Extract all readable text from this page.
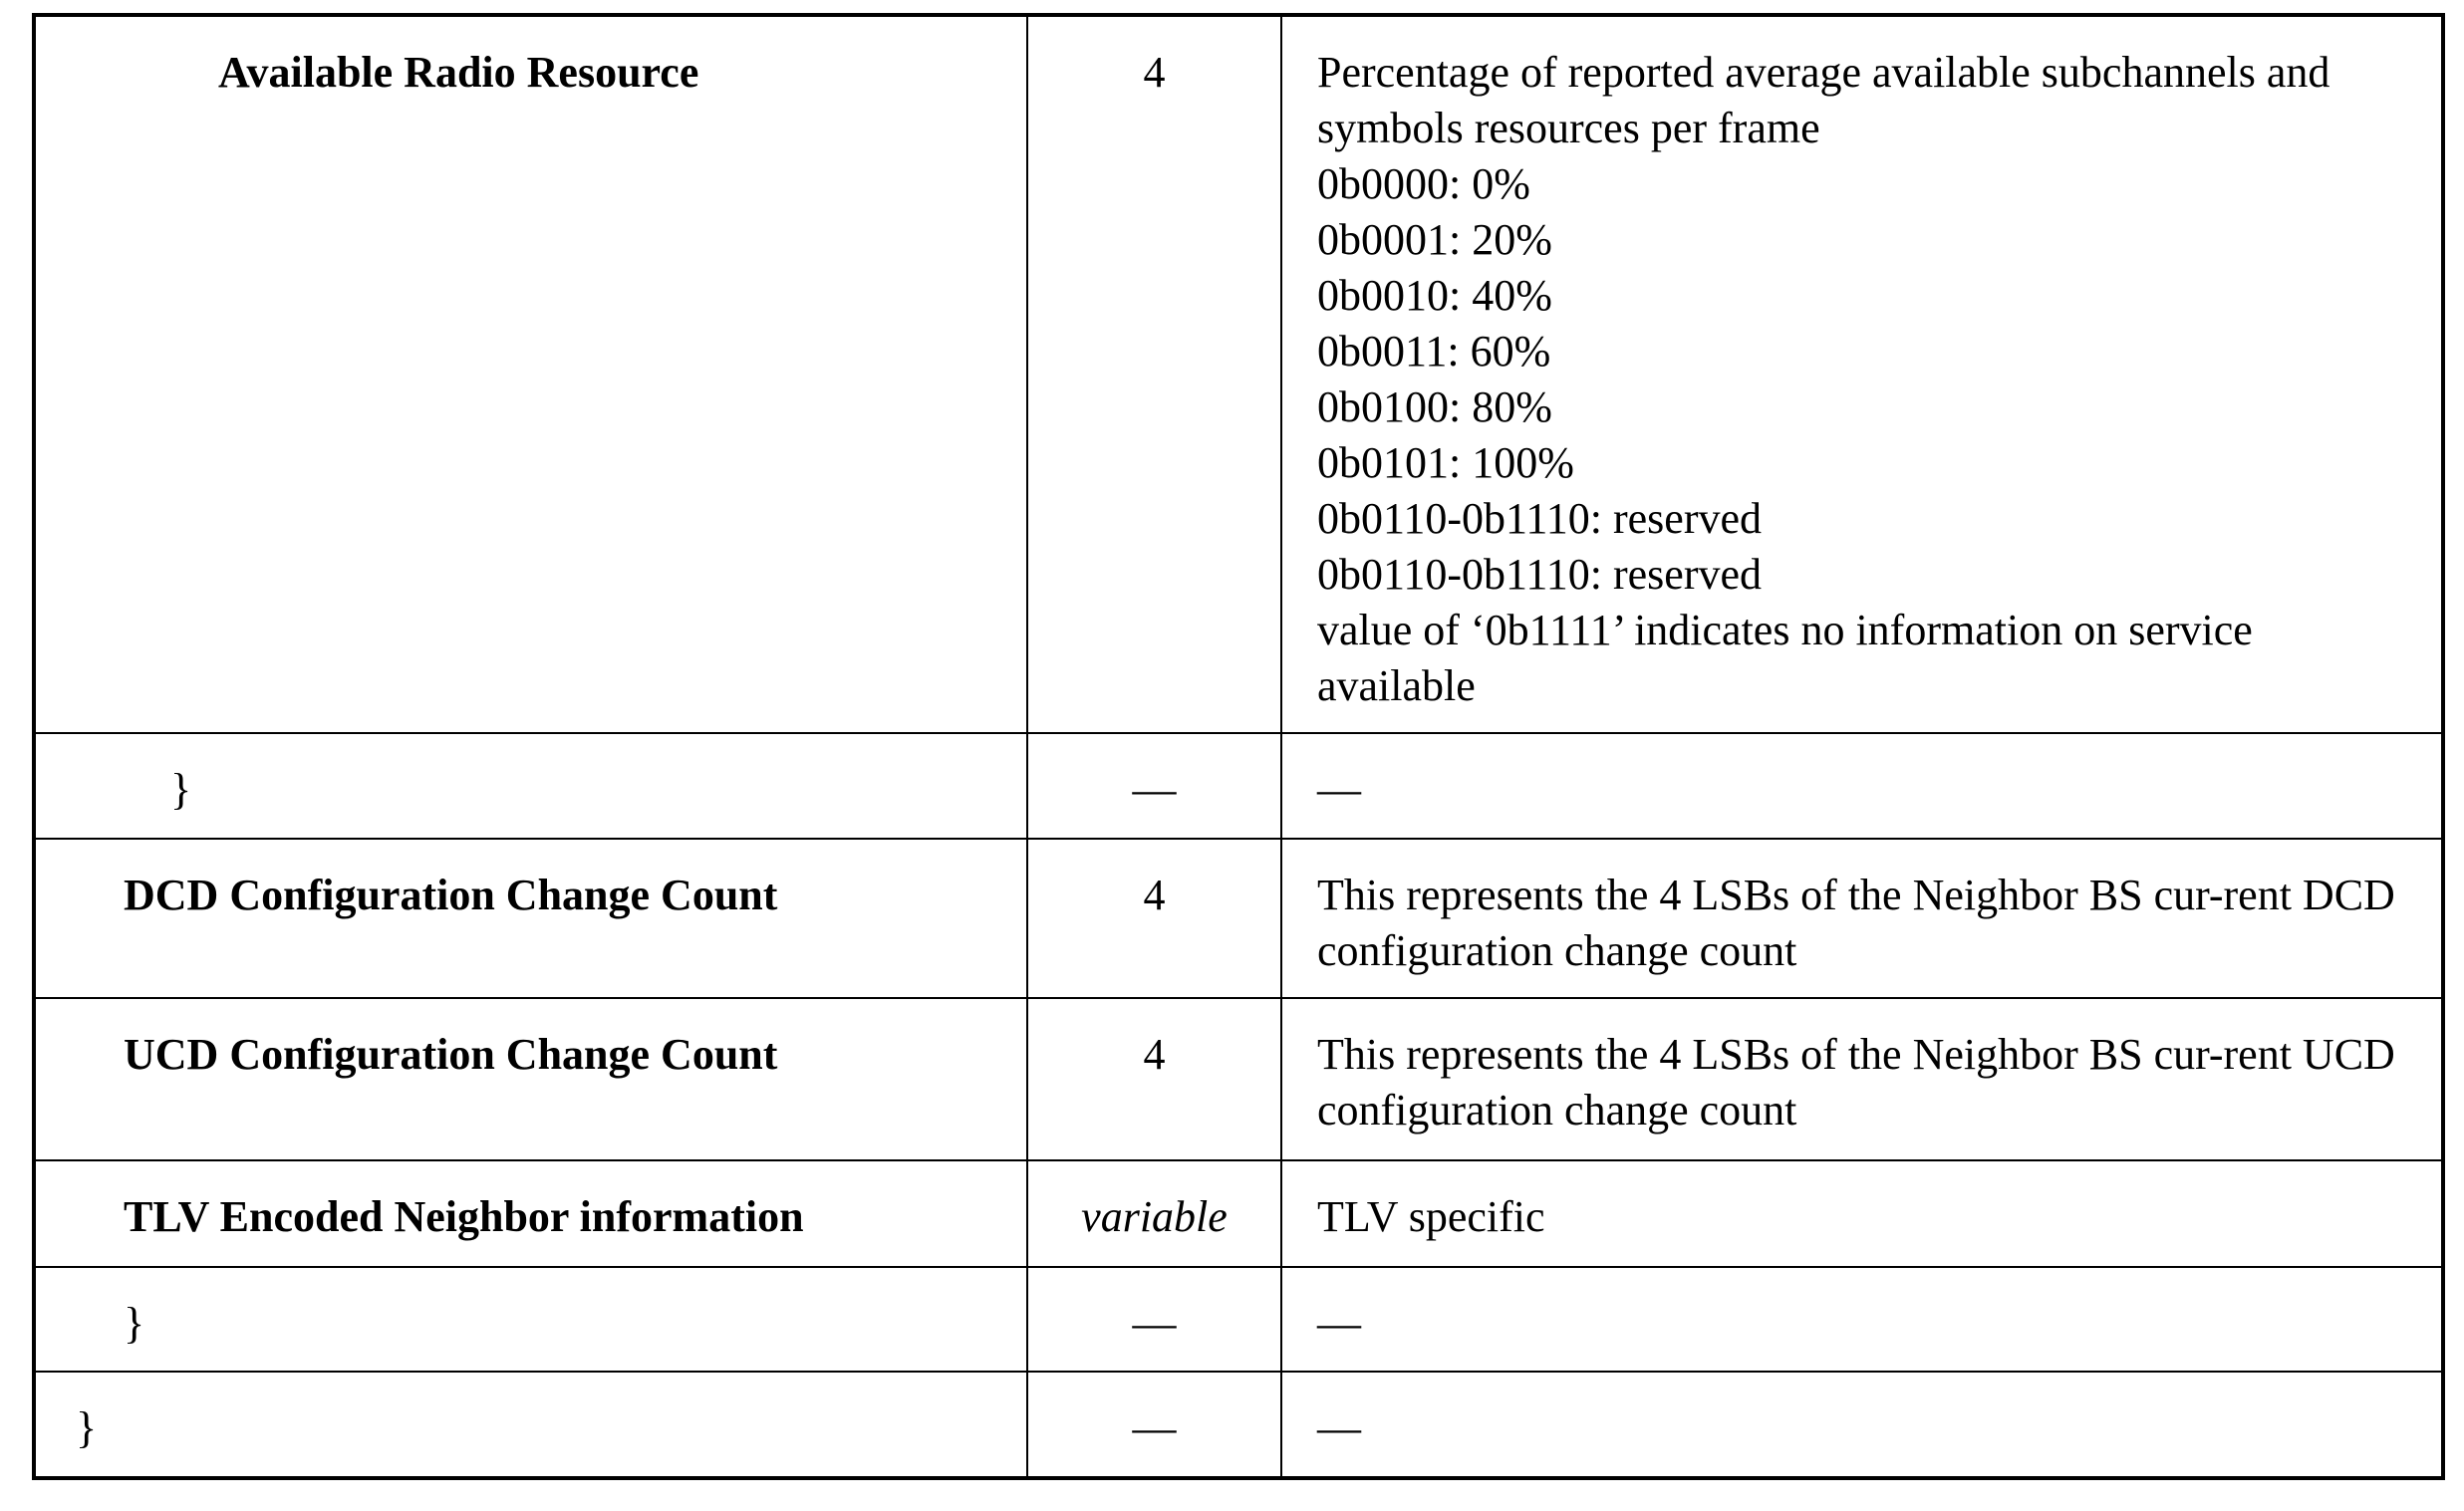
Available Radio Resource	4	Percentage of reported average available subchannels and symbols resources per frame
0b0000: 0%
0b0001: 20%
0b0010: 40%
0b0011: 60%
0b0100: 80%
0b0101: 100%
0b0110-0b1110: reserved
0b0110-0b1110: reserved
value of ‘0b1111’ indicates no information on service available

}	—	—
DCD Configuration Change Count	4	This represents the 4 LSBs of the Neighbor BS cur-rent DCD configuration change count
UCD Configuration Change Count	4	This represents the 4 LSBs of the Neighbor BS cur-rent UCD configuration change count
TLV Encoded Neighbor information	variable	TLV specific
}	—	—
}	—	—
